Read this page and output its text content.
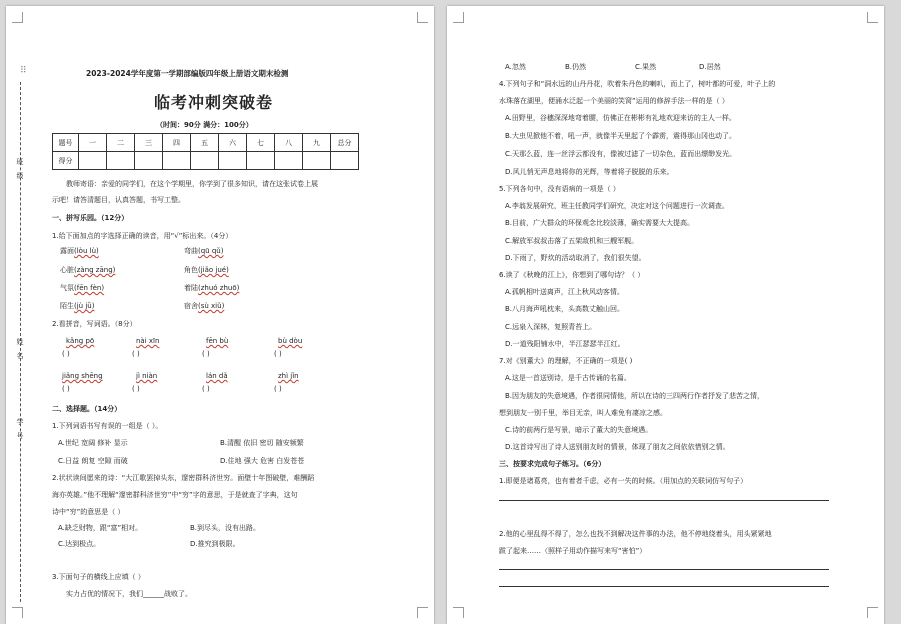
⠿
班
级
姓
名
学
号
2023-2024学年度第一学期部编版四年级上册语文期末检测
临考冲刺突破卷
（时间：90分 满分：100分）
题号	一	二	三	四	五	六	七	八	九	总分
得分										
教师寄语：亲爱的同学们，在这个学期里，你学到了很多知识，请在这张试卷上展
示吧！请答清题目，认真答题，书写工整。
一、拼写乐园。（12分）
1.给下面加点的字选择正确的读音，用“√”标出来。（4分）
露面(lòu lù)	弯曲(qū qǔ)
心脏(zàng zāng)	角色(jiǎo jué)
气氛(fēn fèn)	着陆(zhuó zhuō)
陌生(jù jǜ)	宿舍(sù xiǔ)
2.看拼音，写词语。（8分）
kǎng pō	nài xīn	fēn bù	bù dòu
( )	( )	( )	( )
jiǎng shēng	jì niàn	lán dǎ	zhì jǐn
( )	( )	( )	( )
二、选择题。（14分）
1.下列词语书写有误的一组是（ ）。
A.世纪 宽阔 修补 显示	B.清醒 依旧 密切 随安频繁
C.日益 朗复 空隙 而破	D.住地 强大 危害 白发苍苍
2.状状读间愿来的诗：“大江歌罢掉头东，邃密群科济世穷。面壁十年图破壁，难酬蹈
海亦英雄。”他不理解“邃密群科济世穷”中“穷”字的意思，于是就查了字典，这句
诗中“穷”的意思是（ ）
A.缺乏财物，跟“富”相对。	B.到尽头，没有出路。
C.达到极点。	D.推究到极限。
3.下面句子的横线上应填（ ）
实力占优的情况下，我们______战败了。
A.忽然	B.仍然	C.果然	D.居然
4.下列句子和“洞水远的山丹丹花，吹着朱丹色的喇叭，而上了，树叶都的可爱，叶子上的
水珠落在湖里，便涌水泛起一个美丽的笑窝”运用的修辞手法一样的是（ ）
A.田野里，谷穗深深地弯着腰，仿佛正在彬彬有礼地欢迎来访的主人一样。
B.大虫见掀他不着，吼一声，就像半天里起了个霹雳，震得那山冈也动了。
C.天那么蓝，连一丝浮云都没有，像被过滤了一切杂色，蓝而出缥缈发光。
D.风儿悄无声息地将你的光辉，等着将子脱脱的乐来。
5.下列各句中，没有语病的一项是（ ）
A.李翁发展研究，班主任教同学们研究，决定对这个问题进行一次调查。
B.目前，广大群众的环保观念比较淡薄，确实需要大大提高。
C.解放军叔叔击落了五架敌机和三艘军舰。
D.下雨了，野炊的活动取消了，我们很失望。
6.读了《秋晚的江上》，你想到了哪句诗？（ ）
A.孤帆相叶送离声，江上秋风动客情。
B.八月海声吼枕来，头高数丈触山回。
C.远泉入深林，复照青苔上。
D.一道残阳铺水中，半江瑟瑟半江红。
7.对《别董大》的理解，不正确的一项是( )
A.这是一首送别诗，是千古传诵的名篇。
B.因为朋友的失意境遇，作者很同情他，所以在诗的三四两行作者抒发了悲苦之情，
想到朋友一别千里，举目无亲，叫人难免有凄凉之感。
C.诗的前两行是写景，暗示了董大的失意境遇。
D.这首诗写出了诗人送别朋友时的情景，体现了朋友之间依依惜别之情。
三、按要求完成句子练习。（6分）
1.即便是诸葛亮，也有着者千虑，必有一失的时候。（用加点的关联词仿写句子）
2.他的心里乱得不得了，怎么也找不到解决这件事的办法，他不停地绕着头，用头紧紧地
跋了起来……（照样子用动作描写来写“害怕”）
